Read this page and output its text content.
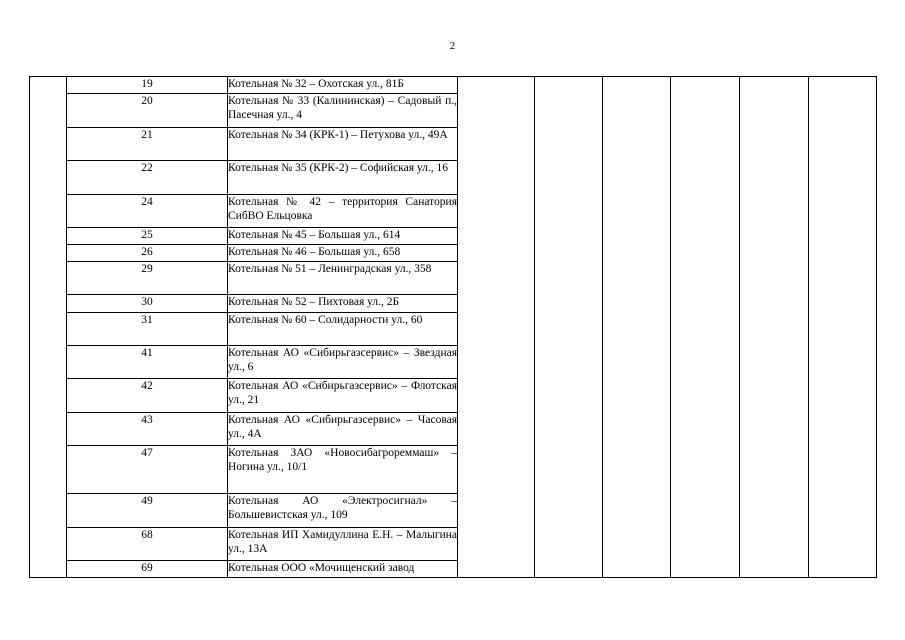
2
	19	Котельная № 32 – Охотская ул., 81Б						
	20	Котельная № 33 (Калининская) – Садовый п., Пасечная ул., 4						
	21	Котельная № 34 (КРК-1) – Петухова ул., 49А						
	22	Котельная № 35 (КРК-2) – Софийская ул., 16						
	24	Котельная № 42 – территория Санатория СибВО Ельцовка						
	25	Котельная № 45 – Большая ул., 614						
	26	Котельная № 46 – Большая ул., 658						
	29	Котельная № 51 – Ленинградская ул., 358						
	30	Котельная № 52 – Пихтовая ул., 2Б						
	31	Котельная № 60 – Солидарности ул., 60						
	41	Котельная АО «Сибирьгазсервис» – Звездная ул., 6						
	42	Котельная АО «Сибирьгазсервис» – Флотская ул., 21						
	43	Котельная АО «Сибирьгазсервис» – Часовая ул., 4А						
	47	Котельная ЗАО «Новосибагрореммаш» – Ногина ул., 10/1						
	49	Котельная АО «Электросигнал» – Большевистская ул., 109						
	68	Котельная ИП Хамидуллина Е.Н. – Малыгина ул., 13А						
	69	Котельная ООО «Мочищенский завод						
